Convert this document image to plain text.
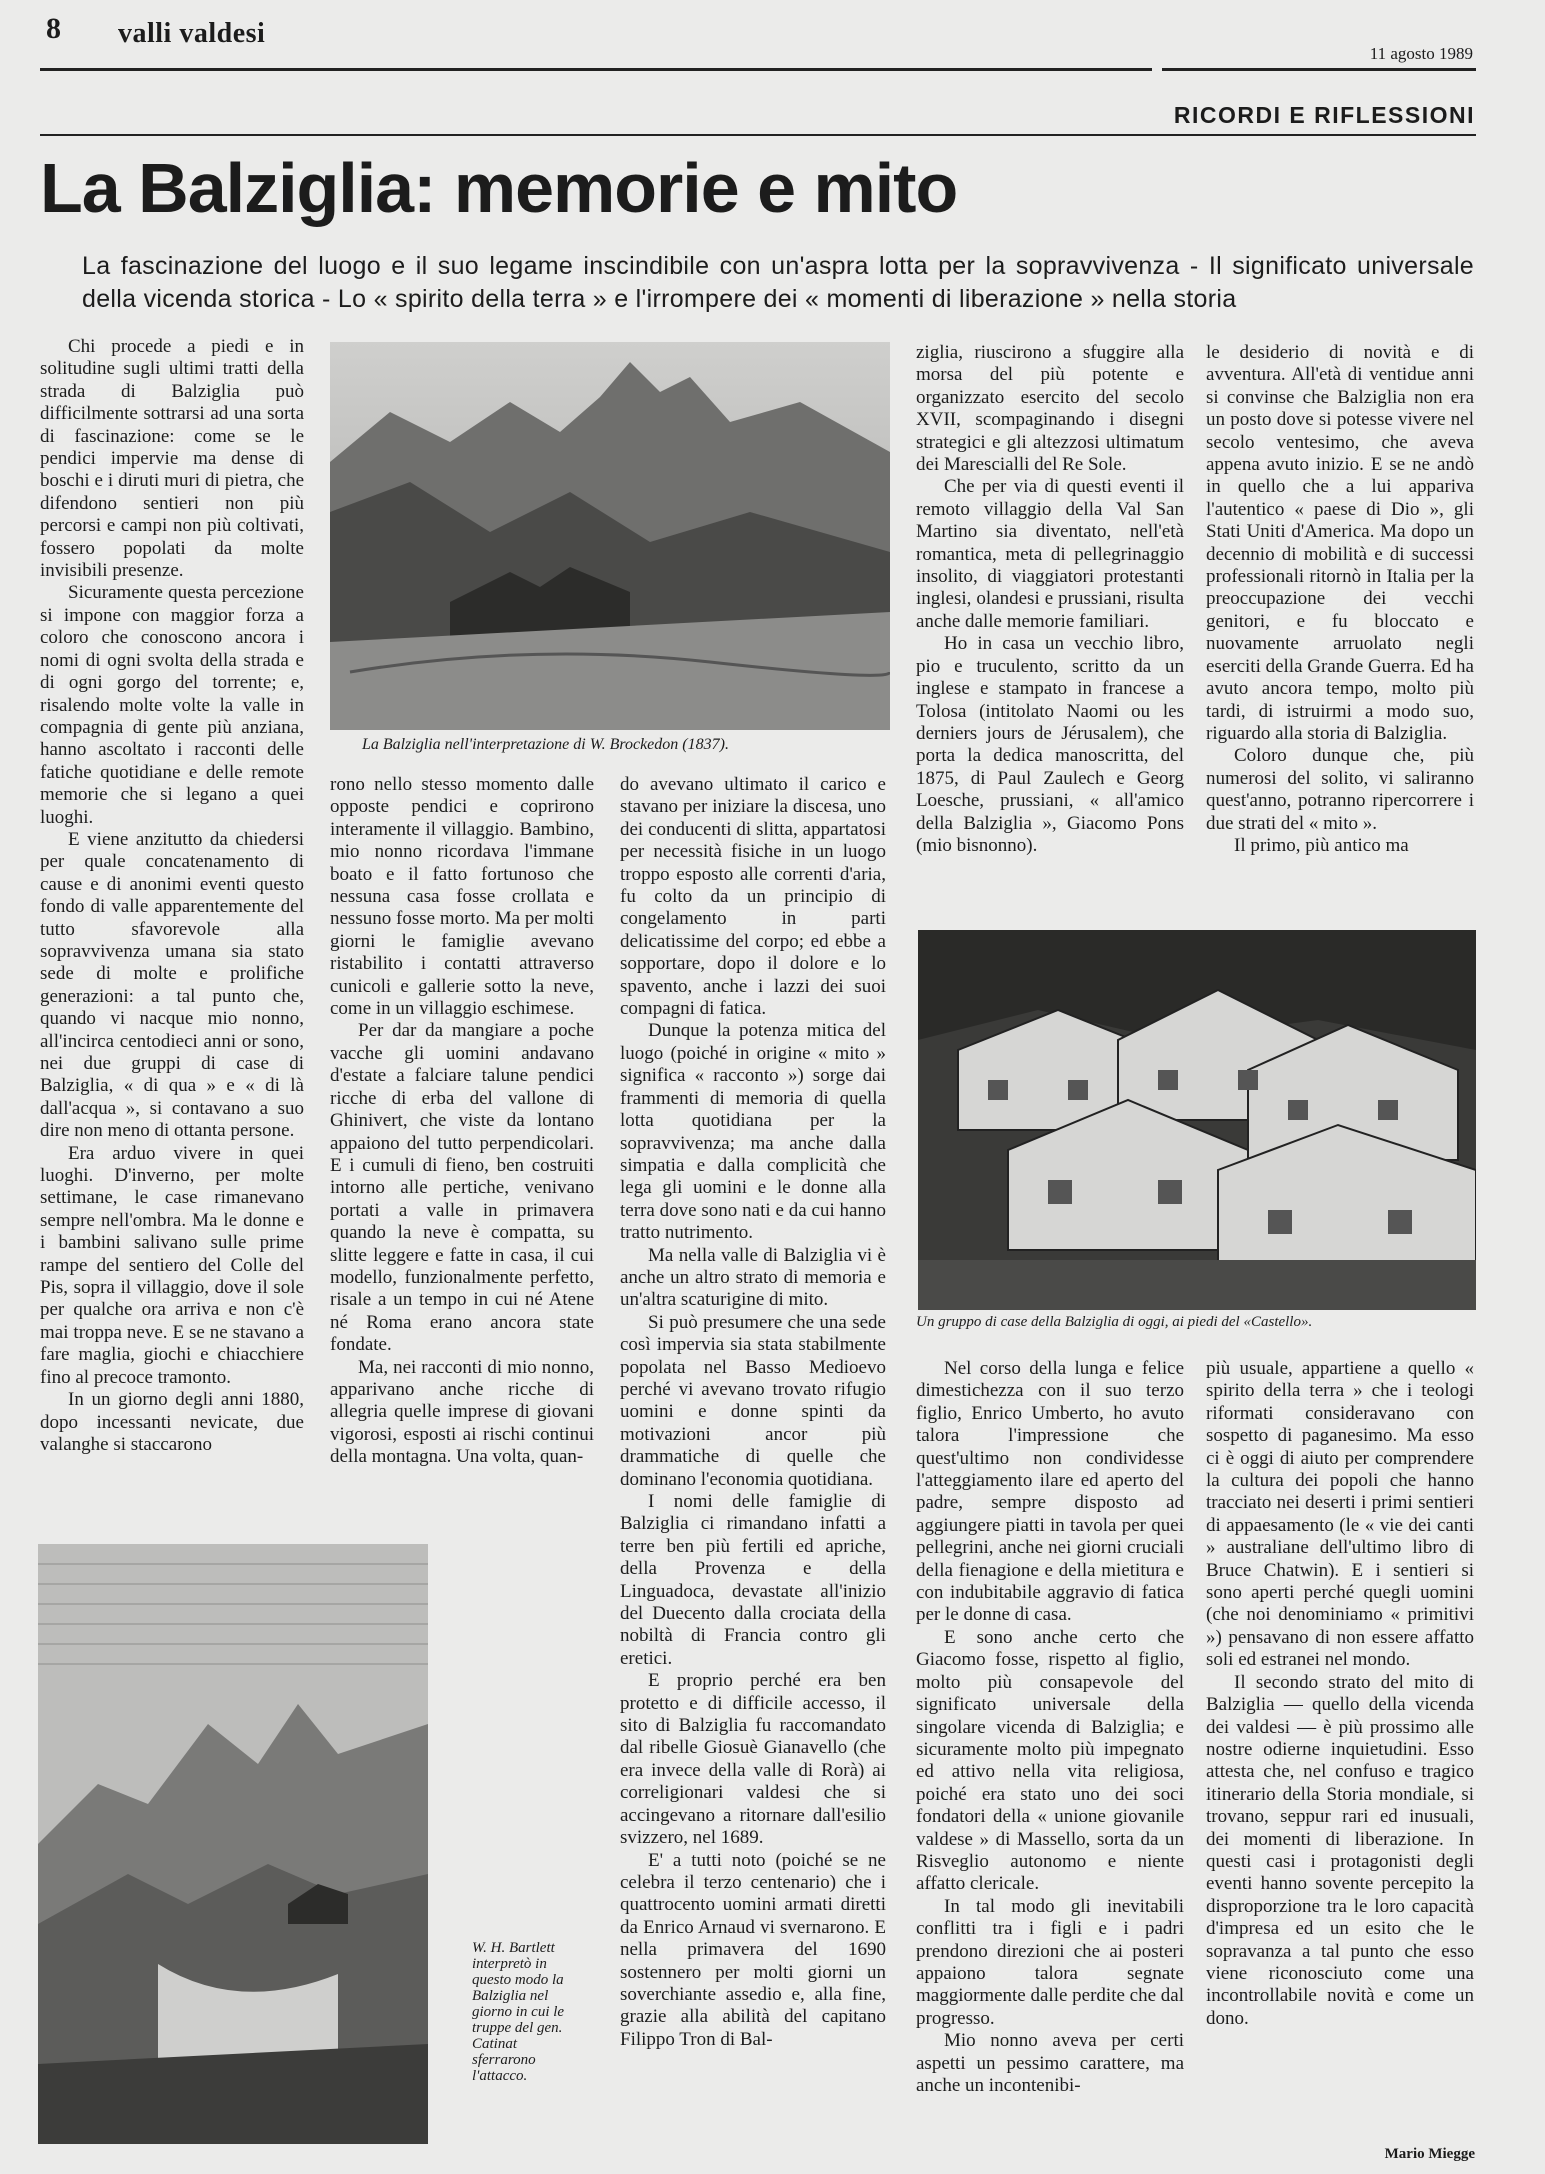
8 valli valdesi
11 agosto 1989
RICORDI E RIFLESSIONI
La Balziglia: memorie e mito
La fascinazione del luogo e il suo legame inscindibile con un'aspra lotta per la sopravvivenza - Il significato universale della vicenda storica - Lo « spirito della terra » e l'irrompere dei « momenti di liberazione » nella storia

Chi procede a piedi e in solitudine sugli ultimi tratti della strada di Balziglia può difficilmente sottrarsi ad una sorta di fascinazione: come se le pendici impervie ma dense di boschi e i diruti muri di pietra, che difendono sentieri non più percorsi e campi non più coltivati, fossero popolati da molte invisibili presenze.

Sicuramente questa percezione si impone con maggior forza a coloro che conoscono ancora i nomi di ogni svolta della strada e di ogni gorgo del torrente; e, risalendo molte volte la valle in compagnia di gente più anziana, hanno ascoltato i racconti delle fatiche quotidiane e delle remote memorie che si legano a quei luoghi.

E viene anzitutto da chiedersi per quale concatenamento di cause e di anonimi eventi questo fondo di valle apparentemente del tutto sfavorevole alla sopravvivenza umana sia stato sede di molte e prolifiche generazioni: a tal punto che, quando vi nacque mio nonno, all'incirca centodieci anni or sono, nei due gruppi di case di Balziglia, « di qua » e « di là dall'acqua », si contavano a suo dire non meno di ottanta persone.

Era arduo vivere in quei luoghi. D'inverno, per molte settimane, le case rimanevano sempre nell'ombra. Ma le donne e i bambini salivano sulle prime rampe del sentiero del Colle del Pis, sopra il villaggio, dove il sole per qualche ora arriva e non c'è mai troppa neve. E se ne stavano a fare maglia, giochi e chiacchiere fino al precoce tramonto.

In un giorno degli anni 1880, dopo incessanti nevicate, due valanghe si staccarono

La Balziglia nell'interpretazione di W. Brockedon (1837).

rono nello stesso momento dalle opposte pendici e coprirono interamente il villaggio. Bambino, mio nonno ricordava l'immane boato e il fatto fortunoso che nessuna casa fosse crollata e nessuno fosse morto. Ma per molti giorni le famiglie avevano ristabilito i contatti attraverso cunicoli e gallerie sotto la neve, come in un villaggio eschimese.

Per dar da mangiare a poche vacche gli uomini andavano d'estate a falciare talune pendici ricche di erba del vallone di Ghinivert, che viste da lontano appaiono del tutto perpendicolari. E i cumuli di fieno, ben costruiti intorno alle pertiche, venivano portati a valle in primavera quando la neve è compatta, su slitte leggere e fatte in casa, il cui modello, funzionalmente perfetto, risale a un tempo in cui né Atene né Roma erano ancora state fondate.

Ma, nei racconti di mio nonno, apparivano anche ricche di allegria quelle imprese di giovani vigorosi, esposti ai rischi continui della montagna. Una volta, quan-

do avevano ultimato il carico e stavano per iniziare la discesa, uno dei conducenti di slitta, appartatosi per necessità fisiche in un luogo troppo esposto alle correnti d'aria, fu colto da un principio di congelamento in parti delicatissime del corpo; ed ebbe a sopportare, dopo il dolore e lo spavento, anche i lazzi dei suoi compagni di fatica.

Dunque la potenza mitica del luogo (poiché in origine « mito » significa « racconto ») sorge dai frammenti di memoria di quella lotta quotidiana per la sopravvivenza; ma anche dalla simpatia e dalla complicità che lega gli uomini e le donne alla terra dove sono nati e da cui hanno tratto nutrimento.

Ma nella valle di Balziglia vi è anche un altro strato di memoria e un'altra scaturigine di mito.

Si può presumere che una sede così impervia sia stata stabilmente popolata nel Basso Medioevo perché vi avevano trovato rifugio uomini e donne spinti da motivazioni ancor più drammatiche di quelle che dominano l'economia quotidiana.

I nomi delle famiglie di Balziglia ci rimandano infatti a terre ben più fertili ed apriche, della Provenza e della Linguadoca, devastate all'inizio del Duecento dalla crociata della nobiltà di Francia contro gli eretici.

E proprio perché era ben protetto e di difficile accesso, il sito di Balziglia fu raccomandato dal ribelle Giosuè Gianavello (che era invece della valle di Rorà) ai correligionari valdesi che si accingevano a ritornare dall'esilio svizzero, nel 1689.

E' a tutti noto (poiché se ne celebra il terzo centenario) che i quattrocento uomini armati diretti da Enrico Arnaud vi svernarono. E nella primavera del 1690 sostennero per molti giorni un soverchiante assedio e, alla fine, grazie alla abilità del capitano Filippo Tron di Bal-

ziglia, riuscirono a sfuggire alla morsa del più potente e organizzato esercito del secolo XVII, scompaginando i disegni strategici e gli altezzosi ultimatum dei Marescialli del Re Sole.

Che per via di questi eventi il remoto villaggio della Val San Martino sia diventato, nell'età romantica, meta di pellegrinaggio insolito, di viaggiatori protestanti inglesi, olandesi e prussiani, risulta anche dalle memorie familiari.

Ho in casa un vecchio libro, pio e truculento, scritto da un inglese e stampato in francese a Tolosa (intitolato Naomi ou les derniers jours de Jérusalem), che porta la dedica manoscritta, del 1875, di Paul Zaulech e Georg Loesche, prussiani, « all'amico della Balziglia », Giacomo Pons (mio bisnonno).

le desiderio di novità e di avventura. All'età di ventidue anni si convinse che Balziglia non era un posto dove si potesse vivere nel secolo ventesimo, che aveva appena avuto inizio. E se ne andò in quello che a lui appariva l'autentico « paese di Dio », gli Stati Uniti d'America. Ma dopo un decennio di mobilità e di successi professionali ritornò in Italia per la preoccupazione dei vecchi genitori, e fu bloccato e nuovamente arruolato negli eserciti della Grande Guerra. Ed ha avuto ancora tempo, molto più tardi, di istruirmi a modo suo, riguardo alla storia di Balziglia.

Coloro dunque che, più numerosi del solito, vi saliranno quest'anno, potranno ripercorrere i due strati del « mito ».

Il primo, più antico ma

Un gruppo di case della Balziglia di oggi, ai piedi del «Castello».

Nel corso della lunga e felice dimestichezza con il suo terzo figlio, Enrico Umberto, ho avuto talora l'impressione che quest'ultimo non condividesse l'atteggiamento ilare ed aperto del padre, sempre disposto ad aggiungere piatti in tavola per quei pellegrini, anche nei giorni cruciali della fienagione e della mietitura e con indubitabile aggravio di fatica per le donne di casa.

E sono anche certo che Giacomo fosse, rispetto al figlio, molto più consapevole del significato universale della singolare vicenda di Balziglia; e sicuramente molto più impegnato ed attivo nella vita religiosa, poiché era stato uno dei soci fondatori della « unione giovanile valdese » di Massello, sorta da un Risveglio autonomo e niente affatto clericale.

In tal modo gli inevitabili conflitti tra i figli e i padri prendono direzioni che ai posteri appaiono talora segnate maggiormente dalle perdite che dal progresso.

Mio nonno aveva per certi aspetti un pessimo carattere, ma anche un incontenibi-

più usuale, appartiene a quello « spirito della terra » che i teologi riformati consideravano con sospetto di paganesimo. Ma esso ci è oggi di aiuto per comprendere la cultura dei popoli che hanno tracciato nei deserti i primi sentieri di appaesamento (le « vie dei canti » australiane dell'ultimo libro di Bruce Chatwin). E i sentieri si sono aperti perché quegli uomini (che noi denominiamo « primitivi ») pensavano di non essere affatto soli ed estranei nel mondo.

Il secondo strato del mito di Balziglia — quello della vicenda dei valdesi — è più prossimo alle nostre odierne inquietudini. Esso attesta che, nel confuso e tragico itinerario della Storia mondiale, si trovano, seppur rari ed inusuali, dei momenti di liberazione. In questi casi i protagonisti degli eventi hanno sovente percepito la disproporzione tra le loro capacità d'impresa ed un esito che le sopravanza a tal punto che esso viene riconosciuto come una incontrollabile novità e come un dono.

W. H. Bartlett interpretò in questo modo la Balziglia nel giorno in cui le truppe del gen. Catinat sferrarono l'attacco.
Mario Miegge
